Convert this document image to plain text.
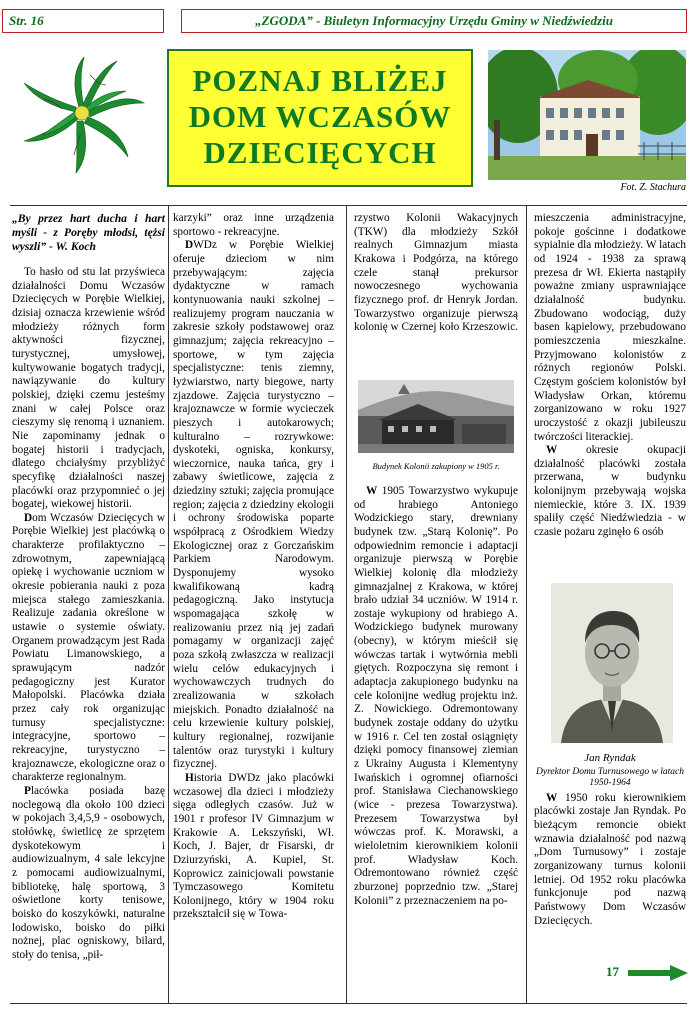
Str. 16	„ZGODA” - Biuletyn Informacyjny Urzędu Gminy w Niedźwiedziu
POZNAJ BLIŻEJ
DOM WCZASÓW
DZIECIĘCYCH
Fot. Z. Stachura

„By przez hart ducha i hart myśli - z Poręby młodsi, tężsi wyszli” - W. Koch

To hasło od stu lat przyświeca działalności Domu Wczasów Dziecięcych w Porębie Wielkiej, dzisiaj oznacza krzewienie wśród młodzieży różnych form aktywności fizycznej, turystycznej, umysłowej, kultywowanie bogatych tradycji, nawiązywanie do kultury polskiej, dzięki czemu jesteśmy znani w całej Polsce oraz cieszymy się renomą i uznaniem. Nie zapominamy jednak o bogatej historii i tradycjach, dlatego chciałyśmy przybliżyć specyfikę działalności naszej placówki oraz przypomnieć o jej bogatej, wiekowej historii.

Dom Wczasów Dziecięcych w Porębie Wielkiej jest placówką o charakterze profilaktyczno – zdrowotnym, zapewniającą opiekę i wychowanie uczniom w okresie pobierania nauki z poza miejsca stałego zamieszkania. Realizuje zadania określone w ustawie o systemie oświaty. Organem prowadzącym jest Rada Powiatu Limanowskiego, a sprawującym nadzór pedagogiczny jest Kurator Małopolski. Placówka działa przez cały rok organizując turnusy specjalistyczne: integracyjne, sportowo – rekreacyjne, turystyczno – krajoznawcze, ekologiczne oraz o charakterze regionalnym.

Placówka posiada bazę noclegową dla około 100 dzieci w pokojach 3,4,5,9 - osobowych, stołówkę, świetlicę ze sprzętem dyskotekowym i audiowizualnym, 4 sale lekcyjne z pomocami audiowizualnymi, bibliotekę, halę sportową, 3 oświetlone korty tenisowe, boisko do koszykówki, naturalne lodowisko, boisko do piłki nożnej, plac ogniskowy, bilard, stoły do tenisa, „pił-

karzyki” oraz inne urządzenia sportowo - rekreacyjne.

DWDz w Porębie Wielkiej oferuje dzieciom w nim przebywającym: zajęcia dydaktyczne w ramach kontynuowania nauki szkolnej – realizujemy program nauczania w zakresie szkoły podstawowej oraz gimnazjum; zajęcia rekreacyjno – sportowe, w tym zajęcia specjalistyczne: tenis ziemny, łyżwiarstwo, narty biegowe, narty zjazdowe. Zajęcia turystyczno – krajoznawcze w formie wycieczek pieszych i autokarowych; kulturalno – rozrywkowe: dyskoteki, ogniska, konkursy, wieczornice, nauka tańca, gry i zabawy świetlicowe, zajęcia z dziedziny sztuki; zajęcia promujące region; zajęcia z dziedziny ekologii i ochrony środowiska poparte współpracą z Ośrodkiem Wiedzy Ekologicznej oraz z Gorczańskim Parkiem Narodowym. Dysponujemy wysoko kwalifikowaną kadrą pedagogiczną. Jako instytucja wspomagająca szkołę w realizowaniu przez nią jej zadań pomagamy w organizacji zajęć poza szkołą zwłaszcza w realizacji wielu celów edukacyjnych i wychowawczych trudnych do zrealizowania w szkołach miejskich. Ponadto działalność na celu krzewienie kultury polskiej, kultury regionalnej, rozwijanie talentów oraz turystyki i kultury fizycznej.

Historia DWDz jako placówki wczasowej dla dzieci i młodzieży sięga odległych czasów. Już w 1901 r profesor IV Gimnazjum w Krakowie A. Lekszyński, Wł. Koch, J. Bajer, dr Fisarski, dr Dziurzyński, A. Kupiel, St. Koprowicz zainicjowali powstanie Tymczasowego Komitetu Kolonijnego, który w 1904 roku przekształcił się w Towa-

rzystwo Kolonii Wakacyjnych (TKW) dla młodzieży Szkół realnych Gimnazjum miasta Krakowa i Podgórza, na którego czele stanął prekursor nowoczesnego wychowania fizycznego prof. dr Henryk Jordan. Towarzystwo organizuje pierwszą kolonię w Czernej koło Krzeszowic.

W 1905 Towarzystwo wykupuje od hrabiego Antoniego Wodzickiego stary, drewniany budynek tzw. „Starą Kolonię”. Po odpowiednim remoncie i adaptacji organizuje pierwszą w Porębie Wielkiej kolonię dla młodzieży gimnazjalnej z Krakowa, w której brało udział 34 uczniów. W 1914 r. zostaje wykupiony od hrabiego A. Wodzickiego budynek murowany (obecny), w którym mieścił się wówczas tartak i wytwórnia mebli giętych. Rozpoczyna się remont i adaptacja zakupionego budynku na cele kolonijne według projektu inż. Z. Nowickiego. Odremontowany budynek zostaje oddany do użytku w 1916 r. Cel ten został osiągnięty dzięki pomocy finansowej ziemian z Ukrainy Augusta i Klementyny Iwańskich i ogromnej ofiarności prof. Stanisława Ciechanowskiego (wice - prezesa Towarzystwa). Prezesem Towarzystwa był wówczas prof. K. Morawski, a wieloletnim kierownikiem kolonii prof. Władysław Koch. Odremontowano również część zburzonej poprzednio tzw. „Starej Kolonii” z przeznaczeniem na po-

Budynek Kolonii zakupiony w 1905 r.

mieszczenia administracyjne, pokoje gościnne i dodatkowe sypialnie dla młodzieży. W latach od 1924 - 1938 za sprawą prezesa dr Wł. Ekierta nastąpiły poważne zmiany usprawniające działalność budynku. Zbudowano wodociąg, duży basen kąpielowy, przebudowano pomieszczenia mieszkalne. Przyjmowano kolonistów z różnych regionów Polski. Częstym gościem kolonistów był Władysław Orkan, któremu zorganizowano w roku 1927 uroczystość z okazji jubileuszu twórczości literackiej.

W okresie okupacji działalność placówki została przerwana, w budynku kolonijnym przebywają wojska niemieckie, które 3. IX. 1939 spaliły część Niedźwiedzia - w czasie pożaru zginęło 6 osób

W 1950 roku kierownikiem placówki zostaje Jan Ryndak. Po bieżącym remoncie obiekt wznawia działalność pod nazwą „Dom Turnusowy” i zostaje zorganizowany turnus kolonii letniej. Od 1952 roku placówka funkcjonuje pod nazwą Państwowy Dom Wczasów Dziecięcych.

Jan Ryndak
Dyrektor Domu Turnusowego w latach 1950-1964
17
